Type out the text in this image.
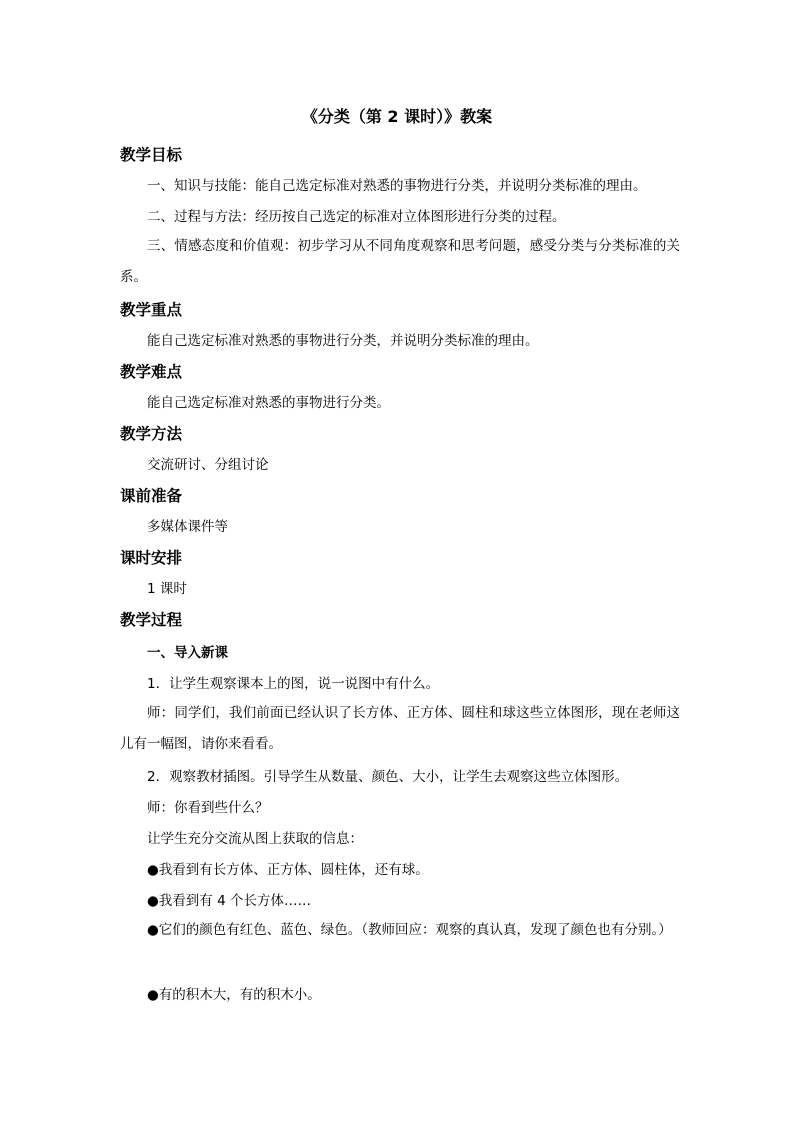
《分类（第 2 课时）》教案
教学目标
一、知识与技能：能自己选定标准对熟悉的事物进行分类，并说明分类标准的理由。
二、过程与方法：经历按自己选定的标准对立体图形进行分类的过程。
三、情感态度和价值观：初步学习从不同角度观察和思考问题，感受分类与分类标准的关系。
教学重点
能自己选定标准对熟悉的事物进行分类，并说明分类标准的理由。
教学难点
能自己选定标准对熟悉的事物进行分类。
教学方法
交流研讨、分组讨论
课前准备
多媒体课件等
课时安排
1 课时
教学过程
一、导入新课
1．让学生观察课本上的图，说一说图中有什么。
师：同学们，我们前面已经认识了长方体、正方体、圆柱和球这些立体图形，现在老师这儿有一幅图，请你来看看。
2．观察教材插图。引导学生从数量、颜色、大小，让学生去观察这些立体图形。
师：你看到些什么？
让学生充分交流从图上获取的信息：
●我看到有长方体、正方体、圆柱体，还有球。
●我看到有 4 个长方体……
●它们的颜色有红色、蓝色、绿色。（教师回应：观察的真认真，发现了颜色也有分别。）
●有的积木大，有的积木小。
